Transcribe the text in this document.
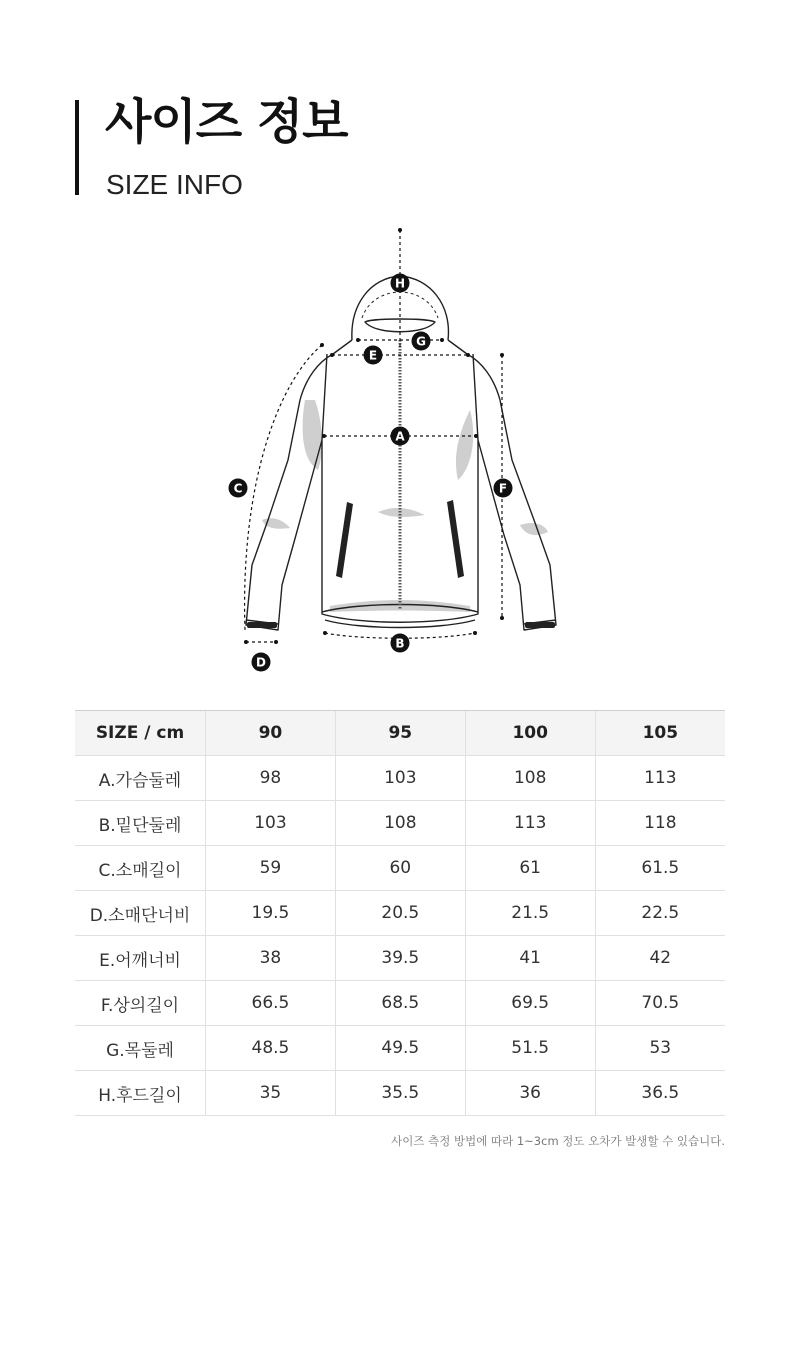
사이즈 정보
SIZE INFO
H
G
E
A
C	F
B
D
SIZE / cm	90	95	100	105
A.가슴둘레	98	103	108	113
B.밑단둘레	103	108	113	118
C.소매길이	59	60	61	61.5
D.소매단너비	19.5	20.5	21.5	22.5
E.어깨너비	38	39.5	41	42
F.상의길이	66.5	68.5	69.5	70.5
G.목둘레	48.5	49.5	51.5	53
H.후드길이	35	35.5	36	36.5
사이즈 측정 방법에 따라 1~3cm 정도 오차가 발생할 수 있습니다.
